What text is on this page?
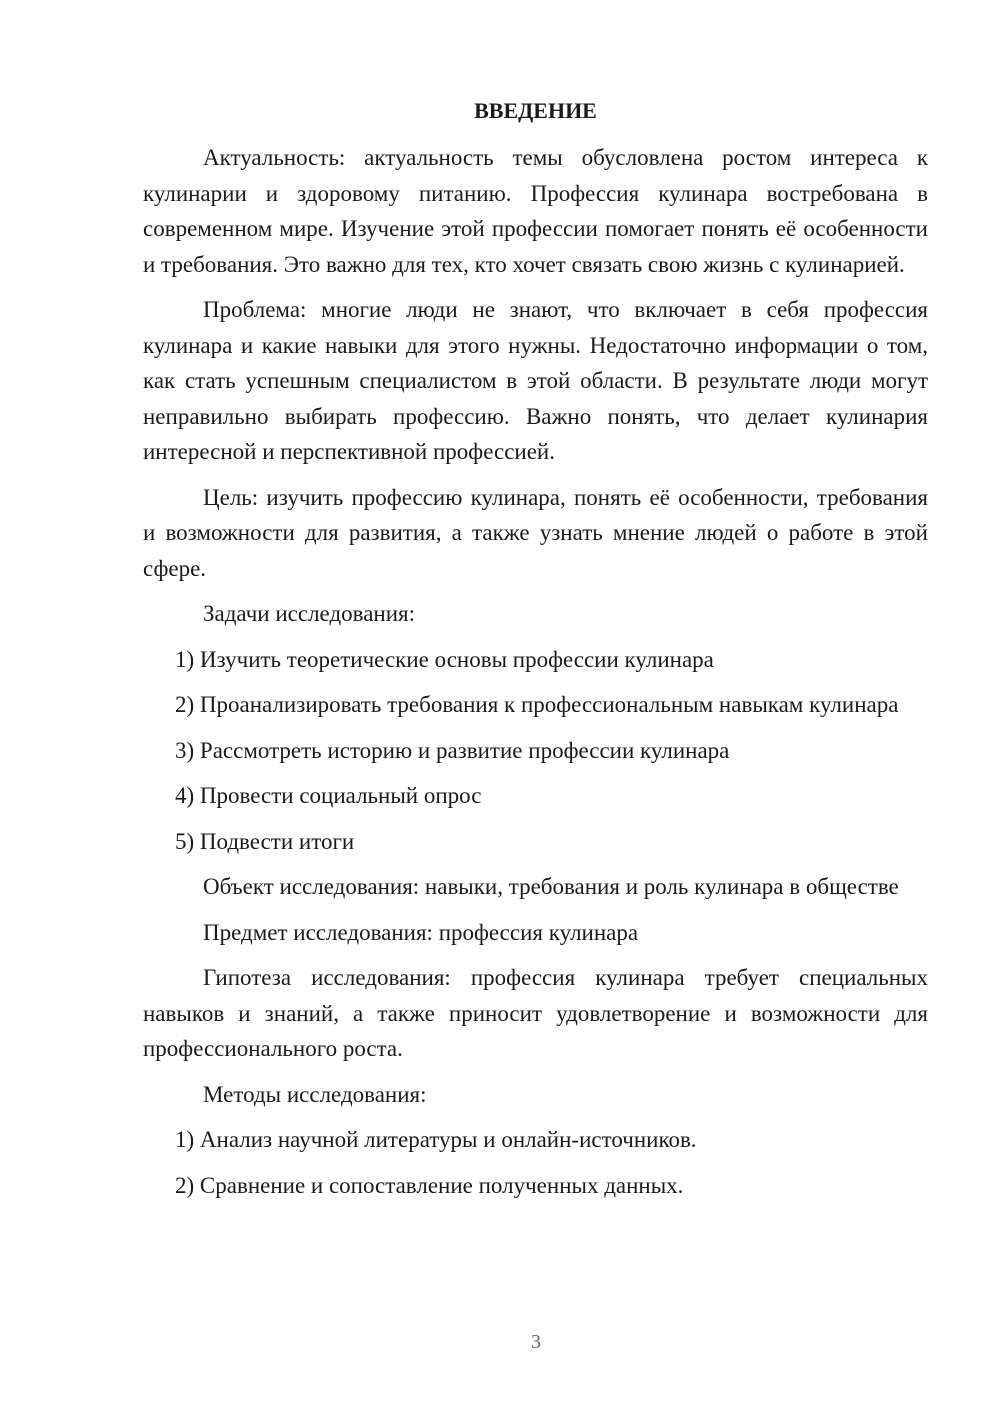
ВВЕДЕНИЕ

Актуальность: актуальность темы обусловлена ростом интереса к кулинарии и здоровому питанию. Профессия кулинара востребована в современном мире. Изучение этой профессии помогает понять её особенности и требования. Это важно для тех, кто хочет связать свою жизнь с кулинарией.

Проблема: многие люди не знают, что включает в себя профессия кулинара и какие навыки для этого нужны. Недостаточно информации о том, как стать успешным специалистом в этой области. В результате люди могут неправильно выбирать профессию. Важно понять, что делает кулинария интересной и перспективной профессией.

Цель: изучить профессию кулинара, понять её особенности, требования и возможности для развития, а также узнать мнение людей о работе в этой сфере.

Задачи исследования:

1) Изучить теоретические основы профессии кулинара

2) Проанализировать требования к профессиональным навыкам кулинара

3) Рассмотреть историю и развитие профессии кулинара

4) Провести социальный опрос

5) Подвести итоги

Объект исследования: навыки, требования и роль кулинара в обществе

Предмет исследования: профессия кулинара

Гипотеза исследования: профессия кулинара требует специальных навыков и знаний, а также приносит удовлетворение и возможности для профессионального роста.

Методы исследования:

1) Анализ научной литературы и онлайн-источников.

2) Сравнение и сопоставление полученных данных.

3
